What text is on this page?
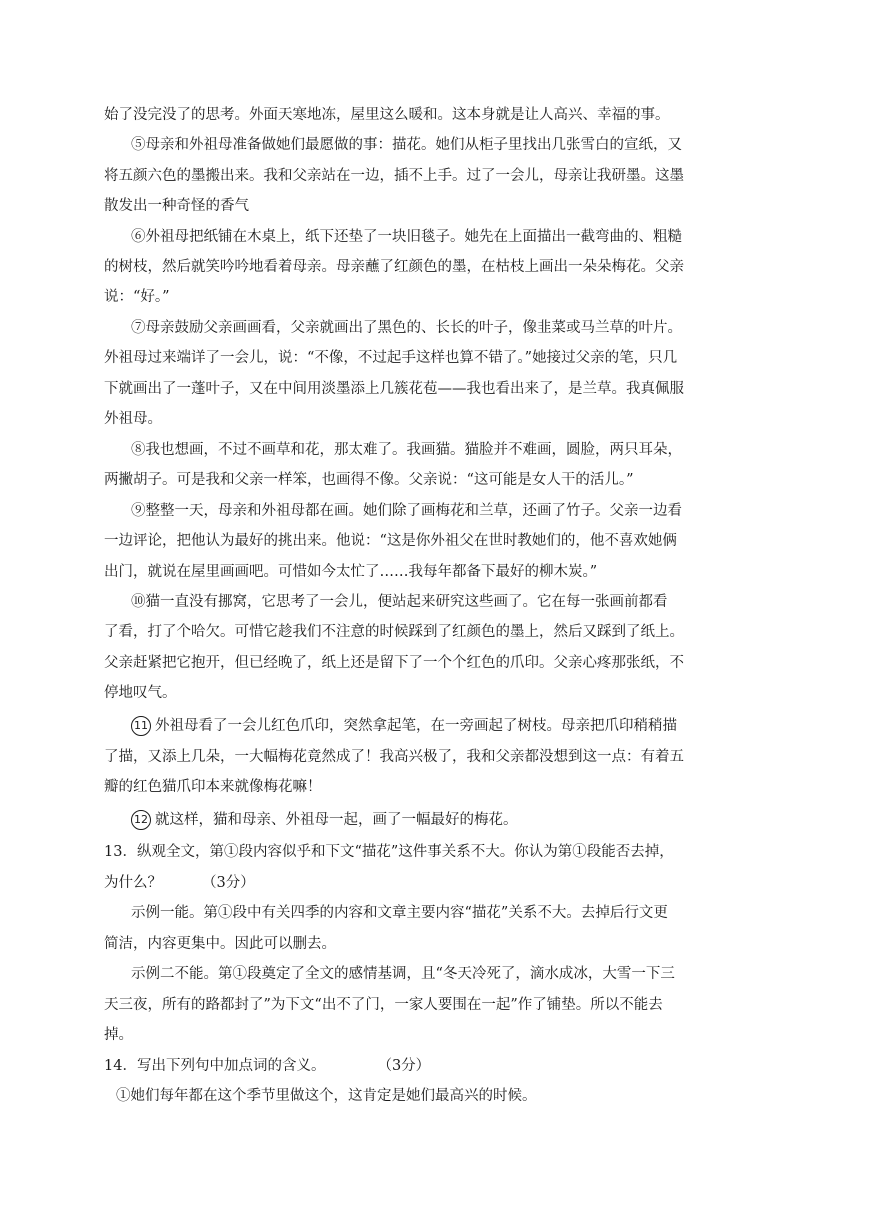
始了没完没了的思考。外面天寒地冻，屋里这么暖和。这本身就是让人高兴、幸福的事。

⑤母亲和外祖母准备做她们最愿做的事：描花。她们从柜子里找出几张雪白的宣纸，又

将五颜六色的墨搬出来。我和父亲站在一边，插不上手。过了一会儿，母亲让我研墨。这墨

散发出一种奇怪的香气

⑥外祖母把纸铺在木桌上，纸下还垫了一块旧毯子。她先在上面描出一截弯曲的、粗糙

的树枝，然后就笑吟吟地看着母亲。母亲蘸了红颜色的墨，在枯枝上画出一朵朵梅花。父亲

说：“好。”

⑦母亲鼓励父亲画画看，父亲就画出了黑色的、长长的叶子，像韭菜或马兰草的叶片。

外祖母过来端详了一会儿，说：“不像，不过起手这样也算不错了。”她接过父亲的笔，只几

下就画出了一蓬叶子，又在中间用淡墨添上几簇花苞——我也看出来了，是兰草。我真佩服

外祖母。

⑧我也想画，不过不画草和花，那太难了。我画猫。猫脸并不难画，圆脸，两只耳朵，

两撇胡子。可是我和父亲一样笨，也画得不像。父亲说：“这可能是女人干的活儿。”

⑨整整一天，母亲和外祖母都在画。她们除了画梅花和兰草，还画了竹子。父亲一边看

一边评论，把他认为最好的挑出来。他说：“这是你外祖父在世时教她们的，他不喜欢她俩

出门，就说在屋里画画吧。可惜如今太忙了……我每年都备下最好的柳木炭。”

⑩猫一直没有挪窝，它思考了一会儿，便站起来研究这些画了。它在每一张画前都看

了看，打了个哈欠。可惜它趁我们不注意的时候踩到了红颜色的墨上，然后又踩到了纸上。

父亲赶紧把它抱开，但已经晚了，纸上还是留下了一个个红色的爪印。父亲心疼那张纸，不

停地叹气。

11 外祖母看了一会儿红色爪印，突然拿起笔，在一旁画起了树枝。母亲把爪印稍稍描

了描，又添上几朵，一大幅梅花竟然成了！我高兴极了，我和父亲都没想到这一点：有着五

瓣的红色猫爪印本来就像梅花嘛！

12 就这样，猫和母亲、外祖母一起，画了一幅最好的梅花。

13．纵观全文，第①段内容似乎和下文“描花”这件事关系不大。你认为第①段能否去掉，

为什么？	（3分）

示例一能。第①段中有关四季的内容和文章主要内容“描花”关系不大。去掉后行文更

简洁，内容更集中。因此可以删去。

示例二不能。第①段奠定了全文的感情基调，且“冬天冷死了，滴水成冰，大雪一下三

天三夜，所有的路都封了”为下文“出不了门，一家人要围在一起”作了铺垫。所以不能去

掉。

14．写出下列句中加点词的含义。	（3分）

①她们每年都在这个季节里做这个，这肯定是她们最高兴的时候。
